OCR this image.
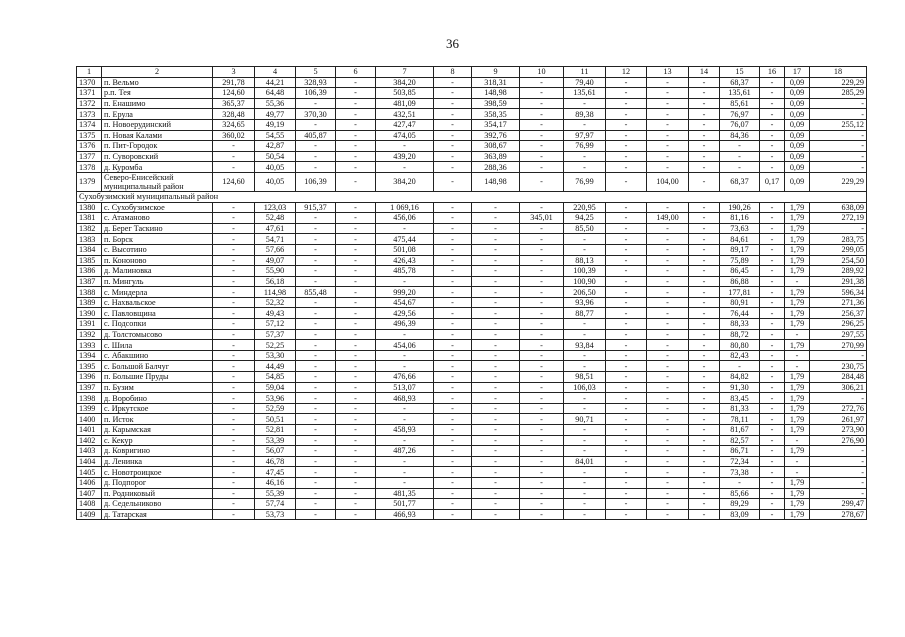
36
1	2	3	4	5	6	7	8	9	10	11	12	13	14	15	16	17	18
1370	п. Вельмо	291,78	44,21	328,93	-	384,20	-	318,31	-	79,40	-	-	-	68,37	-	0,09	229,29
1371	р.п. Тея	124,60	64,48	106,39	-	503,85	-	148,98	-	135,61	-	-	-	135,61	-	0,09	285,29
1372	п. Енашимо	365,37	55,36	-	-	481,09	-	398,59	-	-	-	-	-	85,61	-	0,09	-
1373	п. Ерула	328,48	49,77	370,30	-	432,51	-	358,35	-	89,38	-	-	-	76,97	-	0,09	-
1374	п. Новоерудинский	324,65	49,19	-	-	427,47	-	354,17	-	-	-	-	-	76,07	-	0,09	255,12
1375	п. Новая Калами	360,02	54,55	405,87	-	474,05	-	392,76	-	97,97	-	-	-	84,36	-	0,09	-
1376	п. Пит-Городок	-	42,87	-	-	-	-	308,67	-	76,99	-	-	-	-	-	0,09	-
1377	п. Суворовский	-	50,54	-	-	439,20	-	363,89	-	-	-	-	-	-	-	0,09	-
1378	д. Куромба	-	40,05	-	-	-	-	288,36	-	-	-	-	-	-	-	0,09	-
1379	Северо-Енисейский муниципальный район	124,60	40,05	106,39	-	384,20	-	148,98	-	76,99	-	104,00	-	68,37	0,17	0,09	229,29
Сухобузимский муниципальный район																	
1380	с. Сухобузимское	-	123,03	915,37	-	1 069,16	-	-	-	220,95	-	-	-	190,26	-	1,79	638,09
1381	с. Атаманово	-	52,48	-	-	456,06	-	-	345,01	94,25	-	149,00	-	81,16	-	1,79	272,19
1382	д. Берег Таскино	-	47,61	-	-	-	-	-	-	85,50	-	-	-	73,63	-	1,79	-
1383	п. Борск	-	54,71	-	-	475,44	-	-	-	-	-	-	-	84,61	-	1,79	283,75
1384	с. Высотино	-	57,66	-	-	501,08	-	-	-	-	-	-	-	89,17	-	1,79	299,05
1385	п. Кононово	-	49,07	-	-	426,43	-	-	-	88,13	-	-	-	75,89	-	1,79	254,50
1386	д. Малиновка	-	55,90	-	-	485,78	-	-	-	100,39	-	-	-	86,45	-	1,79	289,92
1387	п. Мингуль	-	56,18	-	-	-	-	-	-	100,90	-	-	-	86,88	-	-	291,38
1388	с. Миндерла	-	114,98	855,48	-	999,20	-	-	-	206,50	-	-	-	177,81	-	1,79	596,34
1389	с. Нахвальское	-	52,32	-	-	454,67	-	-	-	93,96	-	-	-	80,91	-	1,79	271,36
1390	с. Павловщина	-	49,43	-	-	429,56	-	-	-	88,77	-	-	-	76,44	-	1,79	256,37
1391	с. Подсопки	-	57,12	-	-	496,39	-	-	-	-	-	-	-	88,33	-	1,79	296,25
1392	д. Толстомысово	-	57,37	-	-	-	-	-	-	-	-	-	-	88,72	-	-	297,55
1393	с. Шила	-	52,25	-	-	454,06	-	-	-	93,84	-	-	-	80,80	-	1,79	270,99
1394	с. Абакшино	-	53,30	-	-	-	-	-	-	-	-	-	-	82,43	-	-	-
1395	с. Большой Балчуг	-	44,49	-	-	-	-	-	-	-	-	-	-	-	-	-	230,75
1396	п. Большие Пруды	-	54,85	-	-	476,66	-	-	-	98,51	-	-	-	84,82	-	1,79	284,48
1397	п. Бузим	-	59,04	-	-	513,07	-	-	-	106,03	-	-	-	91,30	-	1,79	306,21
1398	д. Воробино	-	53,96	-	-	468,93	-	-	-	-	-	-	-	83,45	-	1,79	-
1399	с. Иркутское	-	52,59	-	-	-	-	-	-	-	-	-	-	81,33	-	1,79	272,76
1400	п. Исток	-	50,51	-	-	-	-	-	-	90,71	-	-	-	78,11	-	1,79	261,97
1401	д. Карымская	-	52,81	-	-	458,93	-	-	-	-	-	-	-	81,67	-	1,79	273,90
1402	с. Кекур	-	53,39	-	-	-	-	-	-	-	-	-	-	82,57	-	-	276,90
1403	д. Ковригино	-	56,07	-	-	487,26	-	-	-	-	-	-	-	86,71	-	1,79	-
1404	д. Ленинка	-	46,78	-	-	-	-	-	-	84,01	-	-	-	72,34	-	-	-
1405	с. Новотроицкое	-	47,45	-	-	-	-	-	-	-	-	-	-	73,38	-	-	-
1406	д. Подпорог	-	46,16	-	-	-	-	-	-	-	-	-	-	-	-	1,79	-
1407	п. Родниковый	-	55,39	-	-	481,35	-	-	-	-	-	-	-	85,66	-	1,79	-
1408	д. Седельниково	-	57,74	-	-	501,77	-	-	-	-	-	-	-	89,29	-	1,79	299,47
1409	д. Татарская	-	53,73	-	-	466,93	-	-	-	-	-	-	-	83,09	-	1,79	278,67
